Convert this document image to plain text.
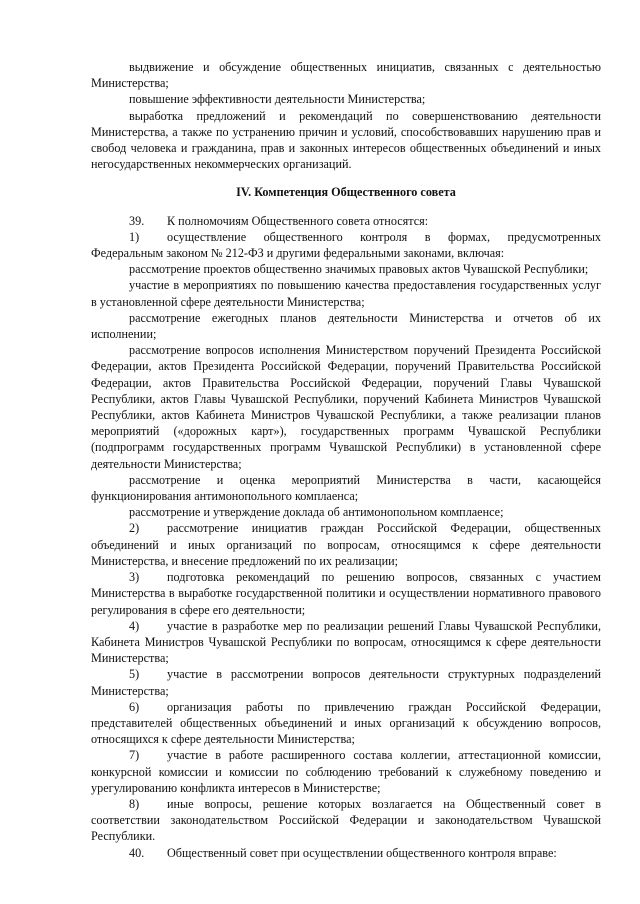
выдвижение и обсуждение общественных инициатив, связанных с деятельностью Министерства;

повышение эффективности деятельности Министерства;

выработка предложений и рекомендаций по совершенствованию деятельности Министерства, а также по устранению причин и условий, способствовавших нарушению прав и свобод человека и гражданина, прав и законных интересов общественных объединений и иных негосударственных некоммерческих организаций.

IV. Компетенция Общественного совета

39. К полномочиям Общественного совета относятся:

1) осуществление общественного контроля в формах, предусмотренных Федеральным законом № 212-ФЗ и другими федеральными законами, включая:

рассмотрение проектов общественно значимых правовых актов Чувашской Республики;

участие в мероприятиях по повышению качества предоставления государственных услуг в установленной сфере деятельности Министерства;

рассмотрение ежегодных планов деятельности Министерства и отчетов об их исполнении;

рассмотрение вопросов исполнения Министерством поручений Президента Российской Федерации, актов Президента Российской Федерации, поручений Правительства Российской Федерации, актов Правительства Российской Федерации, поручений Главы Чувашской Республики, актов Главы Чувашской Республики, поручений Кабинета Министров Чувашской Республики, актов Кабинета Министров Чувашской Республики, а также реализации планов мероприятий («дорожных карт»), государственных программ Чувашской Республики (подпрограмм государственных программ Чувашской Республики) в установленной сфере деятельности Министерства;

рассмотрение и оценка мероприятий Министерства в части, касающейся функционирования антимонопольного комплаенса;

рассмотрение и утверждение доклада об антимонопольном комплаенсе;

2) рассмотрение инициатив граждан Российской Федерации, общественных объединений и иных организаций по вопросам, относящимся к сфере деятельности Министерства, и внесение предложений по их реализации;

3) подготовка рекомендаций по решению вопросов, связанных с участием Министерства в выработке государственной политики и осуществлении нормативного правового регулирования в сфере его деятельности;

4) участие в разработке мер по реализации решений Главы Чувашской Республики, Кабинета Министров Чувашской Республики по вопросам, относящимся к сфере деятельности Министерства;

5) участие в рассмотрении вопросов деятельности структурных подразделений Министерства;

6) организация работы по привлечению граждан Российской Федерации, представителей общественных объединений и иных организаций к обсуждению вопросов, относящихся к сфере деятельности Министерства;

7) участие в работе расширенного состава коллегии, аттестационной комиссии, конкурсной комиссии и комиссии по соблюдению требований к служебному поведению и урегулированию конфликта интересов в Министерстве;

8) иные вопросы, решение которых возлагается на Общественный совет в соответствии законодательством Российской Федерации и законодательством Чувашской Республики.

40. Общественный совет при осуществлении общественного контроля вправе:
